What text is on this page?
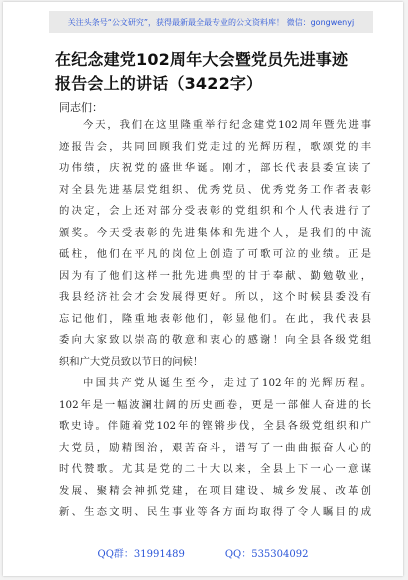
关注头条号“公文研究”，获得最新最全最专业的公文资料库！ 微信：gongwenyj
在纪念建党102周年大会暨党员先进事迹
报告会上的讲话（3422字）

同志们：

今天，我们在这里隆重举行纪念建党102周年暨先进事
迹报告会，共同回顾我们党走过的光辉历程，歌颂党的丰
功伟绩，庆祝党的盛世华诞。刚才，部长代表县委宣读了
对全县先进基层党组织、优秀党员、优秀党务工作者表彰
的决定，会上还对部分受表彰的党组织和个人代表进行了
颁奖。今天受表彰的先进集体和先进个人，是我们的中流
砥柱，他们在平凡的岗位上创造了可歌可泣的业绩。正是
因为有了他们这样一批先进典型的甘于奉献、勤勉敬业，
我县经济社会才会发展得更好。所以，这个时候县委没有
忘记他们，隆重地表彰他们，彰显他们。在此，我代表县
委向大家致以崇高的敬意和衷心的感谢！向全县各级党组
织和广大党员致以节日的问候！
中国共产党从诞生至今，走过了102年的光辉历程。
102年是一幅波澜壮阔的历史画卷，更是一部催人奋进的长
歌史诗。伴随着党102年的铿锵步伐，全县各级党组织和广
大党员，励精图治，艰苦奋斗，谱写了一曲曲振奋人心的
时代赞歌。尤其是党的二十大以来，全县上下一心一意谋
发展、聚精会神抓党建，在项目建设、城乡发展、改革创
新、生态文明、民生事业等各方面均取得了令人瞩目的成
QQ群：31991489	QQ：535304092
